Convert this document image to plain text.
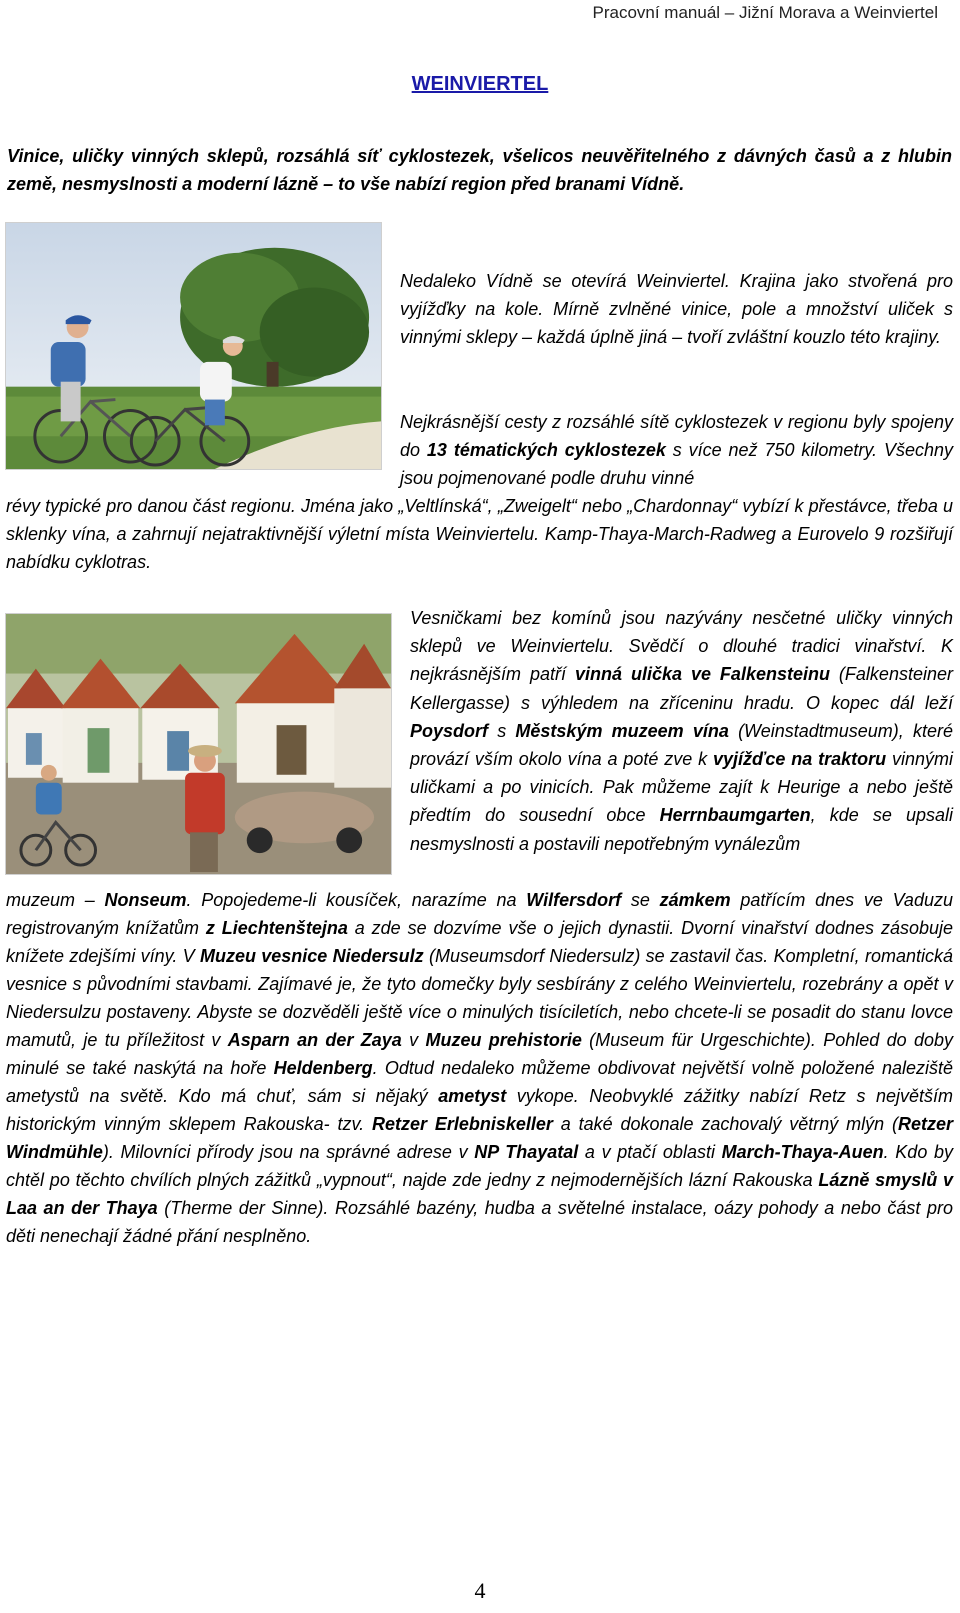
Pracovní manuál – Jižní Morava a Weinviertel
WEINVIERTEL

Vinice, uličky vinných sklepů, rozsáhlá síť cyklostezek, všelicos neuvěřitelného z dávných časů a z hlubin země, nesmyslnosti a moderní lázně – to vše nabízí region před branami Vídně.

Nedaleko Vídně se otevírá Weinviertel. Krajina jako stvořená pro vyjížďky na kole. Mírně zvlněné vinice, pole a množství uliček s vinnými sklepy – každá úplně jiná – tvoří zvláštní kouzlo této krajiny.

Nejkrásnější cesty z rozsáhlé sítě cyklostezek v regionu byly spojeny do 13 tématických cyklostezek s více než 750 kilometry. Všechny jsou pojmenované podle druhu vinné

révy typické pro danou část regionu. Jména jako „Veltlínská“, „Zweigelt“ nebo „Chardonnay“ vybízí k přestávce, třeba u sklenky vína, a zahrnují nejatraktivnější výletní místa Weinviertelu. Kamp-Thaya-March-Radweg a Eurovelo 9 rozšiřují nabídku cyklotras.

Vesničkami bez komínů jsou nazývány nesčetné uličky vinných sklepů ve Weinviertelu. Svědčí o dlouhé tradici vinařství. K nejkrásnějším patří vinná ulička ve Falkensteinu (Falkensteiner Kellergasse) s výhledem na zříceninu hradu. O kopec dál leží Poysdorf s Městským muzeem vína (Weinstadtmuseum), které provází vším okolo vína a poté zve k vyjížďce na traktoru vinnými uličkami a po vinicích. Pak můžeme zajít k Heurige a nebo ještě předtím do sousední obce Herrnbaumgarten, kde se upsali nesmyslnosti a postavili nepotřebným vynálezům

muzeum – Nonseum. Popojedeme-li kousíček, narazíme na Wilfersdorf se zámkem patřícím dnes ve Vaduzu registrovaným knížatům z Liechtenštejna a zde se dozvíme vše o jejich dynastii. Dvorní vinařství dodnes zásobuje knížete zdejšími víny. V Muzeu vesnice Niedersulz (Museumsdorf Niedersulz) se zastavil čas. Kompletní, romantická vesnice s původními stavbami. Zajímavé je, že tyto domečky byly sesbírány z celého Weinviertelu, rozebrány a opět v Niedersulzu postaveny. Abyste se dozvěděli ještě více o minulých tisíciletích, nebo chcete-li se posadit do stanu lovce mamutů, je tu příležitost v Asparn an der Zaya v Muzeu prehistorie (Museum für Urgeschichte). Pohled do doby minulé se také naskýtá na hoře Heldenberg. Odtud nedaleko můžeme obdivovat největší volně položené naleziště ametystů na světě. Kdo má chuť, sám si nějaký ametyst vykope. Neobvyklé zážitky nabízí Retz s největším historickým vinným sklepem Rakouska- tzv. Retzer Erlebniskeller a také dokonale zachovalý větrný mlýn (Retzer Windmühle). Milovníci přírody jsou na správné adrese v NP Thayatal a v ptačí oblasti March-Thaya-Auen. Kdo by chtěl po těchto chvílích plných zážitků „vypnout“, najde zde jedny z nejmodernějších lázní Rakouska Lázně smyslů v Laa an der Thaya (Therme der Sinne). Rozsáhlé bazény, hudba a světelné instalace, oázy pohody a nebo část pro děti nenechají žádné přání nesplněno.

4
